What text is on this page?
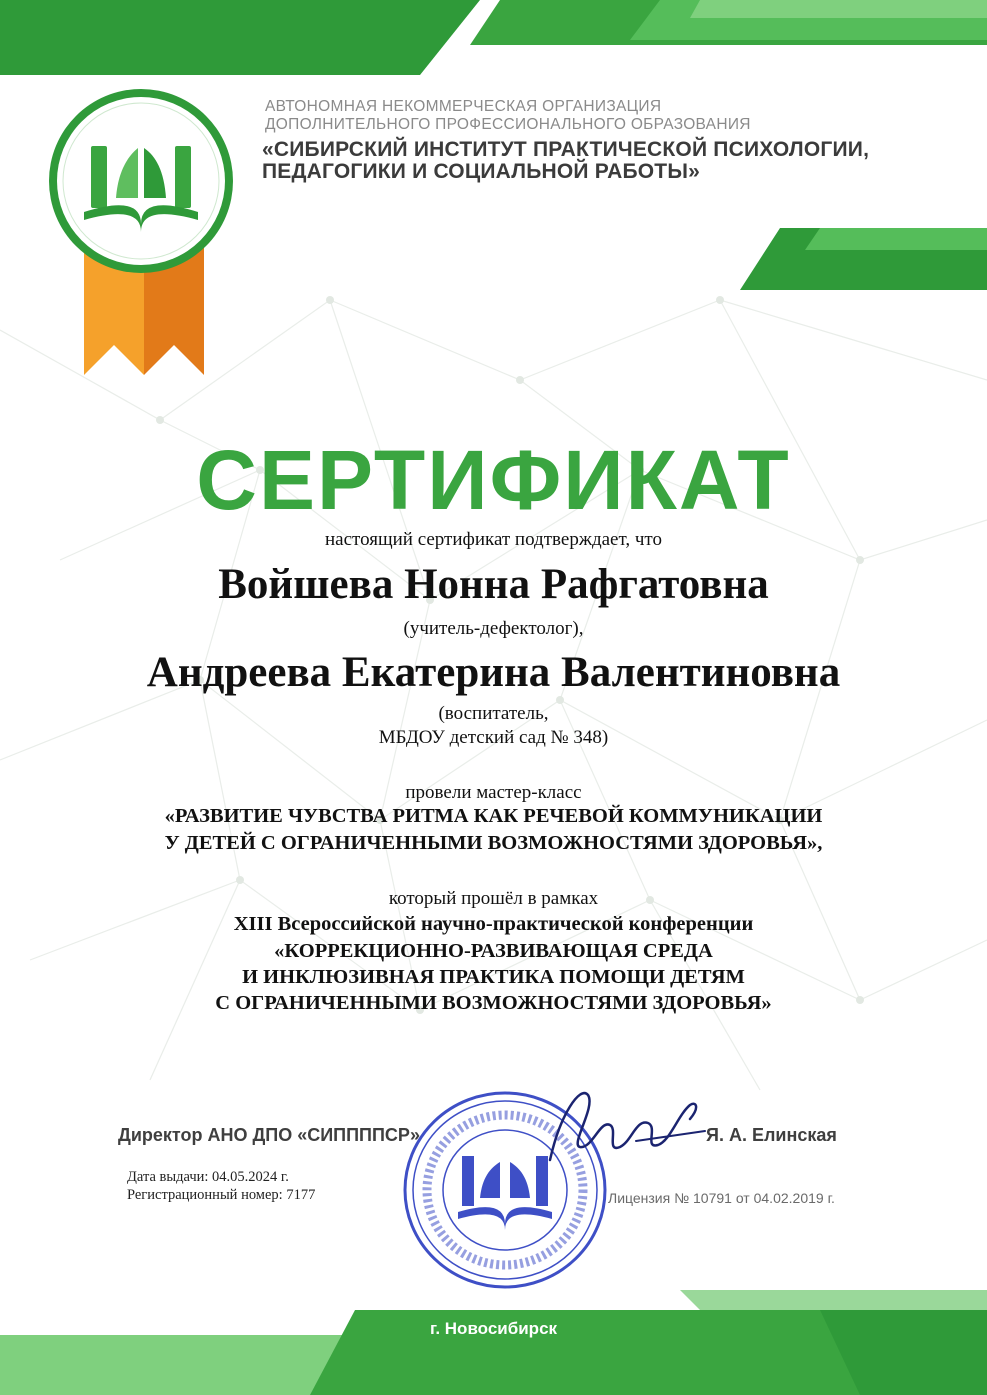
АВТОНОМНАЯ НЕКОММЕРЧЕСКАЯ ОРГАНИЗАЦИЯ
ДОПОЛНИТЕЛЬНОГО ПРОФЕССИОНАЛЬНОГО ОБРАЗОВАНИЯ
«СИБИРСКИЙ ИНСТИТУТ ПРАКТИЧЕСКОЙ ПСИХОЛОГИИ,
ПЕДАГОГИКИ И СОЦИАЛЬНОЙ РАБОТЫ»
СЕРТИФИКАТ
настоящий сертификат подтверждает, что
Войшева Нонна Рафгатовна
(учитель-дефектолог),
Андреева Екатерина Валентиновна
(воспитатель,
МБДОУ детский сад № 348)
провели мастер-класс
«РАЗВИТИЕ ЧУВСТВА РИТМА КАК РЕЧЕВОЙ КОММУНИКАЦИИ
У ДЕТЕЙ С ОГРАНИЧЕННЫМИ ВОЗМОЖНОСТЯМИ ЗДОРОВЬЯ»,
который прошёл в рамках
XIII Всероссийской научно-практической конференции
«КОРРЕКЦИОННО-РАЗВИВАЮЩАЯ СРЕДА
И ИНКЛЮЗИВНАЯ ПРАКТИКА ПОМОЩИ ДЕТЯМ
С ОГРАНИЧЕННЫМИ ВОЗМОЖНОСТЯМИ ЗДОРОВЬЯ»
Директор АНО ДПО «СИППППСР»	Я. А. Елинская
Дата выдачи: 04.05.2024 г.
Регистрационный номер: 7177	Лицензия № 10791 от 04.02.2019 г.
г. Новосибирск
